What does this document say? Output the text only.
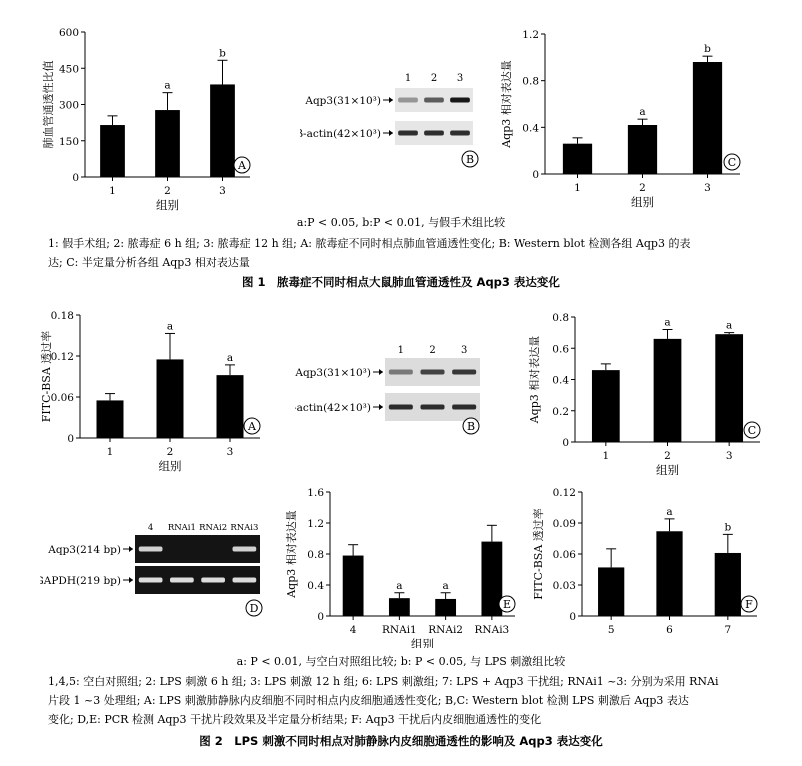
0
150
300
450
600
1
a
2
b
3
组别
肺血管通透性比值
A
1 2 3
Aqp3(31×10³)
β-actin(42×10³)
B
0
0.4
0.8
1.2
1
a
2
b
3
组别
Aqp3 相对表达量
C
a:P < 0.05, b:P < 0.01, 与假手术组比较
1: 假手术组; 2: 脓毒症 6 h 组; 3: 脓毒症 12 h 组; A: 脓毒症不同时相点肺血管通透性变化; B: Western blot 检测各组 Aqp3 的表
达; C: 半定量分析各组 Aqp3 相对表达量
图 1　脓毒症不同时相点大鼠肺血管通透性及 Aqp3 表达变化
0
0.06
0.12
0.18
1
a
2
a
3
组别
FITC-BSA 透过率
A
1	2	3
Aqp3(31×10³)
β-actin(42×10³)
B
0
0.2
0.4
0.6
0.8
1
a
2
a
3
组别
Aqp3 相对表达量
C
4 RNAi1 RNAi2 RNAi3
Aqp3(214 bp)
GAPDH(219 bp)
D
0
0.4
0.8
1.2
1.6
4
a
RNAi1
a
RNAi2 RNAi3
组别
Aqp3 相对表达量
E
0
0.03
0.06
0.09
0.12
5
a
6
b
7
FITC-BSA 透过率
F
a: P < 0.01, 与空白对照组比较; b: P < 0.05, 与 LPS 刺激组比较
1,4,5: 空白对照组; 2: LPS 刺激 6 h 组; 3: LPS 刺激 12 h 组; 6: LPS 刺激组; 7: LPS + Aqp3 干扰组; RNAi1 ~3: 分别为采用 RNAi
片段 1 ~3 处理组; A: LPS 刺激肺静脉内皮细胞不同时相点内皮细胞通透性变化; B,C: Western blot 检测 LPS 刺激后 Aqp3 表达
变化; D,E: PCR 检测 Aqp3 干扰片段效果及半定量分析结果; F: Aqp3 干扰后内皮细胞通透性的变化
图 2　LPS 刺激不同时相点对肺静脉内皮细胞通透性的影响及 Aqp3 表达变化
